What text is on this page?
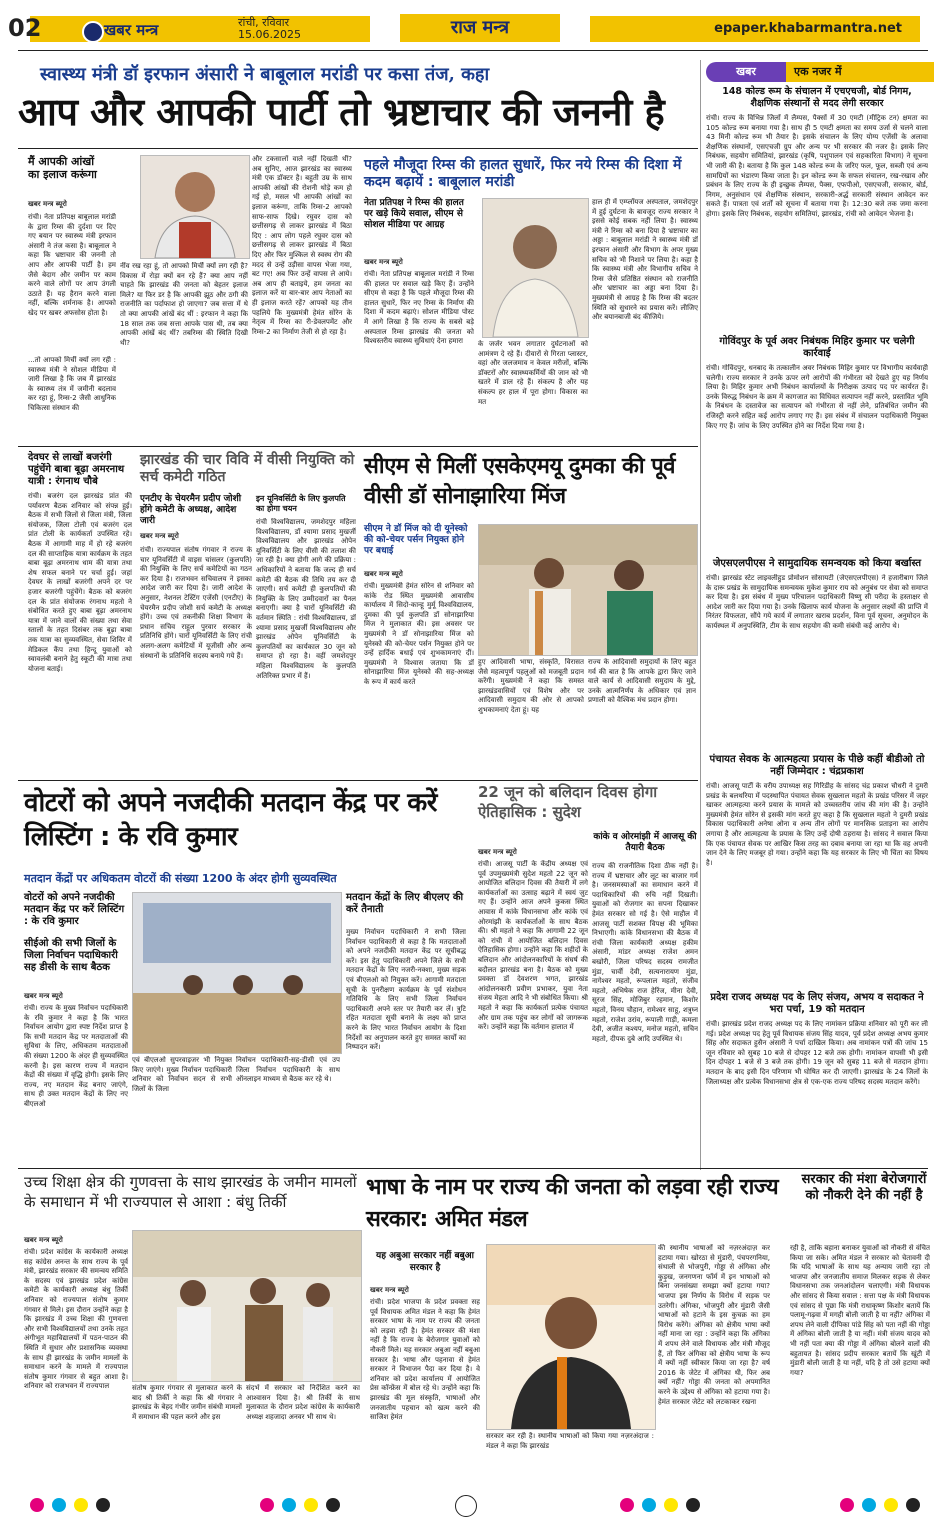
02	खबर मन्त्र	रांची, रविवार
15.06.2025	राज मन्त्र	epaper.khabarmantra.net
स्वास्थ्य मंत्री डॉ इरफान अंसारी ने बाबूलाल मरांडी पर कसा तंज, कहा
आप और आपकी पार्टी तो भ्रष्टाचार की जननी है
मैं आपकी आंखों का इलाज करूंगा
खबर मन्त्र ब्यूरो
रांची। नेता प्रतिपक्ष बाबूलाल मरांडी के द्वारा रिम्स की दुर्दशा पर दिए गए बयान पर स्वास्थ्य मंत्री इरफान अंसारी ने तंज कसा है। बाबूलाल ने कहा कि भ्रष्टाचार की जननी तो आप और आपकी पार्टी है। हम जैसे बेदाग और जमीन पर काम करने वाले लोगों पर आप उंगली उठाते हैं। यह हैरान करने वाला नहीं, बल्कि शर्मनाक है। आपको खेद पर खबर अफसोस होता है।
...तो आपको मिर्ची क्यों लग रही : स्वास्थ्य मंत्री ने सोशल मीडिया में जारी लिखा है कि जब मैं झारखंड के स्वास्थ्य तंत्र में जमीनी बदलाव कर रहा हूं, रिम्स-2 जैसी आधुनिक चिकित्सा संस्थान की
नींव रख रहा हूं, तो आपको मिर्ची क्यों लग रही है? विकास में रोड़ा क्यों बन रहे हैं? क्या आप नहीं चाहते कि झारखंड की जनता को बेहतर इलाज मिले? या फिर डर है कि आपकी झूठ और ठगी की राजनीति का पर्दाफाश हो जाएगा? जब सत्ता में थे तो क्या आपकी आंखें बंद थीं : इरफान ने कहा कि 18 साल तक जब सत्ता आपके पास थी, तब क्या आपकी आंखें बंद थीं? तबरिम्स की स्थिति दिखी थी?
और टकसालों वाले नहीं दिखती थीं? अब सुनिए, आज झारखंड का स्वास्थ्य मंत्री एक डॉक्टर है। बहुती उम्र के साथ आपकी आंखों की रोशनी थोड़े कम हो गई हो, मसल भी आपकी आंखों का इलाज करूंगा, ताकि रिम्स-2 आपको साफ-साफ दिखे। रघुवर दास को छत्तीसगढ़ से लाकर झारखंड में बिठा दिए : आप लोग पहले रघुवर दास को छत्तीसगढ़ से लाकर झारखंड में बिठा दिए और फिर मुश्किल से स्वस्थ रोग की मदद से उन्हें उड़ीसा वापस भेजा गया, बट गए! अब फिर उन्हें वापस ले आये। अब आप ही बताइये, हम जनता का इलाज करें या बार-बार आप नेताओं का ही इलाज करते रहें? आपको यह तीन पहलिये कि मुख्यमंत्री हेमंत सोरेन के नेतृत्व में रिम्स का री-डेवलपमेंट और रिम्स-2 का निर्माण तेजी से हो रहा है।
पहले मौजूदा रिम्स की हालत सुधारें, फिर नये रिम्स की दिशा में कदम बढ़ायें : बाबूलाल मरांडी
नेता प्रतिपक्ष ने रिम्स की हालत पर खड़े किये सवाल, सीएम से सोशल मीडिया पर आग्रह
खबर मन्त्र ब्यूरो
रांची। नेता प्रतिपक्ष बाबूलाल मरांडी ने रिम्स की हालत पर सवाल खड़े किए हैं। उन्होंने सीएम से कहा है कि पहले मौजूदा रिम्स की हालत सुधारें, फिर नए रिम्स के निर्माण की दिशा में कदम बढ़ाएं। सोशल मीडिया पोस्ट में आगे लिखा है कि राज्य के सबसे बड़े अस्पताल रिम्स झारखंड की जनता को विश्वस्तरीय स्वास्थ्य सुविधाएं देना हमारा	के जर्जर भवन लगातार दुर्घटनाओं को आमंत्रण दे रहे हैं। दीवारों से गिरता प्लास्टर, वहां और जलजमाव न केवल मरीजों, बल्कि डॉक्टरों और स्वास्थ्यकर्मियों की जान को भी खतरे में डाल रहे हैं। संकल्प है और यह संकल्प हर हाल में पूरा होगा। विकास का मत
हाल ही में एम्प्लॉयज अस्पताल, जमशेदपुर में हुई दुर्घटना के बावजूद राज्य सरकार ने इससे कोई सबक नहीं लिया है। स्वास्थ्य मंत्री ने रिम्स को बना दिया है भ्रष्टाचार का अड्डा : बाबूलाल मरांडी ने स्वास्थ्य मंत्री डॉ इरफान अंसारी और विभाग के अपर मुख्य सचिव को भी निशाने पर लिया है। कहा है कि स्वास्थ्य मंत्री और विभागीय सचिव ने रिम्स जैसे प्रतिष्ठित संस्थान को राजनीति और भ्रष्टाचार का अड्डा बना दिया है। मुख्यमंत्री से आग्रह है कि रिम्स की बदतर स्थिति को सुधारने का प्रयास करें। लीजिए और बयानबाजी बंद कीजिये।
खबर	एक नजर में
148 कोल्ड रूम के संचालन में एचएचजी, बोर्ड निगम, शैक्षणिक संस्थानों से मदद लेगी सरकार
रांची। राज्य के विभिन्न जिलों में लैम्पस, पैक्सों में 30 एमटी (मीट्रिक टन) क्षमता का 105 कोल्ड रूम बनाया गया है। साथ ही 5 एमटी क्षमता का समय उर्जा से चलने वाला 43 मिनी कोल्ड रूम भी तैयार है। इसके संचालन के लिए योग्य एजेंसी के अलावा शैक्षणिक संस्थानों, एसएचजी ग्रुप और अन्य पर भी सरकार की नजर है। इसके लिए निबंधक, सहयोग समितियां, झारखंड (कृषि, पशुपालन एवं सहकारिता विभाग) ने सूचना भी जारी की है। बताया है कि कुल 148 कोल्ड रूम के जरिए फल, फूल, सब्जी एवं अन्य सामग्रियों का भंडारण किया जाता है। इन कोल्ड रूम के सफल संचालन, रख-रखाव और प्रबंधन के लिए राज्य के ही इच्छुक लैम्पस, पैक्स, एफपीओ, एसएचजी, सरकार, बोर्ड, निगम, अनुसंधान एवं शैक्षणिक संस्थान, सरकारी-अर्द्ध सरकारी संस्थान आवेदन कर सकते हैं। पात्रता एवं शर्तों को सूचना में बताया गया है। 12:30 बजे तक जमा करना होगा। इसके लिए निबंधक, सहयोग समितियां, झारखंड, रांची को आवेदन भेजना है।
गोविंदपुर के पूर्व अवर निबंधक मिहिर कुमार पर चलेगी कार्रवाई
रांची। गोविंदपुर, धनबाद के तत्कालीन अवर निबंधक मिहिर कुमार पर विभागीय कार्यवाही चलेगी। राज्य सरकार ने उनके ऊपर लगे आरोपों की गंभीरता को देखते हुए यह निर्णय लिया है। मिहिर कुमार अभी निबंधन कार्यालयों के निरीक्षक उत्पाद पद पर कार्यरत हैं। उनके विरुद्ध निबंधन के क्रम में कागजात का विधिवत सत्यापन नहीं करने, प्रस्तावित भूमि के निबंधन के दस्तावेज का सत्यापन को गंभीरता से नहीं लेने, प्रतिबंधित जमीन की रजिस्ट्री करने सहित कई आरोप लगाए गए हैं। इस संबंध में संचालन पदाधिकारी नियुक्त किए गए हैं। जांच के लिए उपस्थित होने का निर्देश दिया गया है।
जेएसएलपीएस ने सामुदायिक समन्वयक को किया बर्खास्त
रांची। झारखंड स्टेट लाइवलीहुड प्रोमोशन सोसायटी (जेएसएलपीएस) ने हजारीबाग जिले के दारू प्रखंड के सामुदायिक समन्वयक मुकेश कुमार राय को अनुबंध पर सेवा को समाप्त कर दिया है। इस संबंध में मुख्य परिचालन पदाधिकारी विष्णु सी परीदा के हस्ताक्षर से आदेश जारी कर दिया गया है। उनके खिलाफ कार्य योजना के अनुसार लक्ष्यों की प्राप्ति में निरंतर विफलता, सौंपे गये कार्य में लगातार खराब प्रदर्शन, विना पूर्व सूचना, अनुमोदन के कार्यस्थल में अनुपस्थिति, टीम के साथ सहयोग की कमी संबंधी कई आरोप थे।
पंचायत सेवक के आत्महत्या प्रयास के पीछे कहीं बीडीओ तो नहीं जिम्मेदार : चंद्रप्रकाश
रांची। आजसू पार्टी के वरीय उपाध्यक्ष सह गिरिडीह के सांसद चंद्र प्रकाश चौधरी ने दुमरी प्रखंड के बलथरिया में पदस्थापित पंचायत सेवक सुखलाल महतो के प्रखंड परिसर में जहर खाकर आत्महत्या करने प्रयास के मामले को उच्चस्तरीय जांच की मांग की है। उन्होंने मुख्यमंत्री हेमंत सोरेन से इसकी मांग करते हुए कहा है कि सुखलाल महतो ने दुमरी प्रखंड विकास पदाधिकारी अनेषा ओना व अन्य तीन लोगों पर मानसिक प्रताड़ना का आरोप लगाया है और आत्महत्या के प्रयास के लिए उन्हें दोषी ठहराया है। सांसद ने सवाल किया कि एक पंचायत सेवक पर आखिर किस तरह का दबाव बनाया जा रहा था कि वह अपनी जान देने के लिए मजबूर हो गया। उन्होंने कहा कि यह सरकार के लिए भी चिंता का विषय है।
प्रदेश राजद अध्यक्ष पद के लिए संजय, अभय व सदाकत ने भरा पर्चा, 19 को मतदान
रांची। झारखंड प्रदेश राजद अध्यक्ष पद के लिए नामांकन प्रक्रिया शनिवार को पूरी कर ली गई। प्रदेश अध्यक्ष पद हेतु पूर्व विधायक संजय सिंह यादव, पूर्व प्रदेश अध्यक्ष अभय कुमार सिंह और सदाकत हुसैन अंसारी ने पर्चा दाखिल किया। अब नामांकन पत्रों की जांच 15 जून रविवार को सुबह 10 बजे से दोपहर 12 बजे तक होगी। नामांकन वापसी भी इसी दिन दोपहर 1 बजे से 3 बजे तक होगी। 19 जून को सुबह 11 बजे से मतदान होगा। मतदान के बाद इसी दिन परिणाम भी घोषित कर दी जाएगी। झारखंड के 24 जिलों के जिलाध्यक्ष और प्रत्येक विधानसभा क्षेत्र से एक-एक राज्य परिषद सदस्य मतदान करेंगे।
देवघर से लाखों बजरंगी पहुंचेंगे बाबा बूढ़ा अमरनाथ यात्री : रंगनाथ चौबे
रांची। बजरंग दल झारखंड प्रांत की पर्यावरण बैठक शनिवार को संपन्न हुई। बैठक में सभी जिलों से जिला मंत्री, जिला संयोजक, जिला टोली एवं बजरंग दल प्रांत टोली के कार्यकर्ता उपस्थित रहे। बैठक में आगामी माह में हो रहे बजरंग दल की साप्ताहिक यात्रा कार्यक्रम के तहत बाबा बूढ़ा अमरनाथ धाम की यात्रा तथा शेष सफल बनाने पर चर्चा हुई। जहां देवघर के लाखों बजरंगी अपने दर पर हजार बजरंगी पहुंचेंगे। बैठक को बजरंग दल के प्रांत संयोजक रंगनाथ महतो ने संबोधित करते हुए बाबा बूढ़ा अमरनाथ यात्रा में जाने वालों की संख्या तथा सेवा स्तालों के तहत दिसंबर तक बूढ़ा बाबा तक यात्रा का सुव्यवस्थित, सेवा शिविर में मेडिकल कैंप तथा हिन्दू युवाओं को स्वावलंबी बनाने हेतु स्कूटी की मात्रा तथा योजना बताई।
झारखंड की चार विवि में वीसी नियुक्ति को सर्च कमेटी गठित
एनटीए के चेयरमैन प्रदीप जोशी होंगे कमेटी के अध्यक्ष, आदेश जारी
इन यूनिवर्सिटी के लिए कुलपति का होगा चयन
खबर मन्त्र ब्यूरो
रांची। राज्यपाल संतोष गंगवार ने राज्य के चार यूनिवर्सिटी में वाइस चांसलर (कुलपति) की नियुक्ति के लिए सर्च कमेटियों का गठन कर दिया है। राजभवन सचिवालय ने इसका आदेश जारी कर दिया है। जारी आदेश के अनुसार, नेशनल टेस्टिंग एजेंसी (एनटीए) के चेयरमैन प्रदीप जोशी सर्च कमेटी के अध्यक्ष होंगे। उच्च एवं तकनीकी शिक्षा विभाग के प्रधान सचिव राहुल पुरवार सरकार के प्रतिनिधि होंगे। चारों यूनिवर्सिटी के लिए रांची अलग-अलग कमेटियों में यूजीसी और अन्य संस्थानों के प्रतिनिधि सदस्य बनाये गये हैं।
रांची विश्वविद्यालय, जमशेदपुर महिला विश्वविद्यालय, डॉ श्यामा प्रसाद मुखर्जी विश्वविद्यालय और झारखंड ओपेन यूनिवर्सिटी के लिए वीसी की तलाश की जा रही है। क्या होगी आगे की प्रक्रिया : अधिकारियों ने बताया कि जल्द ही सर्च कमेटी की बैठक की तिथि तय कर दी जाएगी। सर्च कमेटी ही कुलपतियों की नियुक्ति के लिए उम्मीदवारों का पैनल बनाएगी। क्या है चारों यूनिवर्सिटी की वर्तमान स्थिति : रांची विश्वविद्यालय, डॉ श्यामा प्रसाद मुखर्जी विश्वविद्यालय और झारखंड ओपेन यूनिवर्सिटी के कुलपतियों का कार्यकाल 30 जून को समाप्त हो रहा है। वहीं जमशेदपुर महिला विश्वविद्यालय के कुलपति अतिरिक्त प्रभार में हैं।
सीएम से मिलीं एसकेएमयू दुमका की पूर्व वीसी डॉ सोनाझारिया मिंज
सीएम ने डॉ मिंज को दी यूनेस्को की को-चेयर पर्सन नियुक्त होने पर बधाई
खबर मन्त्र ब्यूरो
रांची। मुख्यमंत्री हेमंत सोरेन से शनिवार को कांके रोड स्थित मुख्यमंत्री आवासीय कार्यालय में सिदो-कान्हू मुर्मू विश्वविद्यालय, दुमका की पूर्व कुलपति डॉ सोनाझारिया मिंज ने मुलाकात की। इस अवसर पर मुख्यमंत्री ने डॉ सोनाझारिया मिंज को यूनेस्को की को-चेयर पर्सन नियुक्त होने पर उन्हें हार्दिक बधाई एवं शुभकामनाएं दीं। मुख्यमंत्री ने विश्वास जताया कि डॉ सोनाझारिया मिंज यूनेस्को की सह-अध्यक्ष के रूप में कार्य करते
हुए आदिवासी भाषा, संस्कृति, विरासत जैसे महत्वपूर्ण पहलुओं को मजबूती प्रदान करेंगी। मुख्यमंत्री ने कहा कि समस्त झारखंडवासियों एवं विशेष और पर आदिवासी समुदाय की ओर से आपको शुभकामनाएं देता हूं। यह
राज्य के आदिवासी समुदायों के लिए बहुत गर्व की बात है कि आपके द्वारा किए जाने वाले कार्य से आदिवासी समुदाय के मुद्दे, उनके आत्मनिर्णय के अधिकार एवं ज्ञान प्रणाली को वैश्विक मंच प्रदान होगा।
वोटरों को अपने नजदीकी मतदान केंद्र पर करें लिस्टिंग : के रवि कुमार
मतदान केंद्रों पर अधिकतम वोटरों की संख्या 1200 के अंदर होगी सुव्यवस्थित
वोटरों को अपने नजदीकी मतदान केंद्र पर करें लिस्टिंग : के रवि कुमार
सीईओ की सभी जिलों के जिला निर्वाचन पदाधिकारी सह डीसी के साथ बैठक
खबर मन्त्र ब्यूरो
रांची। राज्य के मुख्य निर्वाचन पदाधिकारी के रवि कुमार ने कहा है कि भारत निर्वाचन आयोग द्वारा स्पष्ट निर्देश प्राप्त है कि सभी मतदान केंद्र पर मतदाताओं की सुविधा के लिए, अधिकतम मतदाताओं की संख्या 1200 के अंदर ही सुव्यवस्थित करनी है। इस कारण राज्य में मतदान केंद्रों की संख्या में वृद्धि होगी। इसके लिए राज्य, नए मतदान केंद्र बनाए जाएंगे, साथ ही उक्त मतदान केंद्रों के लिए नए बीएलओ
एवं बीएलओ सुपरवाइजर भी नियुक्त किए जाएंगे। मुख्य निर्वाचन पदाधिकारी शनिवार को निर्वाचन सदन से सभी जिलों के जिला
निर्वाचन पदाधिकारी-सह-डीसी एवं उप जिला निर्वाचन पदाधिकारी के साथ ऑनलाइन माध्यम से बैठक कर रहे थे।
मतदान केंद्रों के लिए बीएलए की करें तैनाती
मुख्य निर्वाचन पदाधिकारी ने सभी जिला निर्वाचन पदाधिकारी से कहा है कि मतदाताओं को अपने नजदीकी मतदान केंद्र पर सूचीबद्ध करें। इस हेतु पदाधिकारी अपने जिले के सभी मतदान केंद्रों के लिए नजरी-नक्शा, मुख्य सड़क एवं बीएलओ को नियुक्त करें। आगामी मतदाता सूची के पुनरीक्षण कार्यक्रम के पूर्व संशोधन गतिविधि के लिए सभी जिला निर्वाचन पदाधिकारी अपने स्तर पर तैयारी कर लें। त्रुटि रहित मतदाता सूची बनाने के लक्ष्य को प्राप्त करने के लिए भारत निर्वाचन आयोग के दिशा निर्देशों का अनुपालन करते हुए समस्त कार्यों का निष्पादन करें।
22 जून को बलिदान दिवस होगा ऐतिहासिक : सुदेश
कांके व ओरमांझी में आजसू की तैयारी बैठक
खबर मन्त्र ब्यूरो
रांची। आजसू पार्टी के केंद्रीय अध्यक्ष एवं पूर्व उपमुख्यमंत्री सुदेश महतो 22 जून को आयोजित बलिदान दिवस की तैयारी में लगे कार्यकर्ताओं का उत्साह बढ़ाने में स्वयं जुट गए हैं। उन्होंने आज अपने कुकस स्थित आवास में कांके विधानसभा और कांके एवं ओरमांझी के कार्यकर्ताओं के साथ बैठक की। श्री महतो ने कहा कि आगामी 22 जून को रांची में आयोजित बलिदान दिवस ऐतिहासिक होगा। उन्होंने कहा कि शहीदों के बलिदान और आंदोलनकारियों के संघर्ष की बदौलत झारखंड बना है। बैठक को मुख्य प्रवक्ता डॉ देवशरण भगत, झारखंड आंदोलनकारी प्रवीण प्रभाकर, युवा नेता संजय मेहता आदि ने भी संबोधित किया। श्री महतो ने कहा कि कार्यकर्ता प्रत्येक पंचायत और ग्राम तक पहुंच कर लोगों को जागरूक करें। उन्होंने कहा कि वर्तमान हालात में
राज्य की राजनीतिक दिशा ठीक नहीं है। राज्य में भ्रष्टाचार और लूट का बाजार गर्म है। जनसमस्याओं का समाधान करने में पदाधिकारियों की रुचि नहीं दिखती। युवाओं को रोजगार का सपना दिखाकर हेमंत सरकार सो गई है। ऐसे माहौल में आजसू पार्टी सशक्त विपक्ष की भूमिका निभाएगी। कांके विधानसभा की बैठक में रांची जिला कार्यकारी अध्यक्ष हकीम अंसारी, मांडर अध्यक्ष राजेश अमन बखोरी, जिला परिषद सदस्य रामजीत मुंडा, चार्वी देवी, सत्यनारायण मुंडा, नागेश्वर महतो, रूपलाल महतो, संजीव महतो, अभिषेक राज हेरिंज, मीना देवी, सूरज सिंह, मोजिबुर रहमान, किशोर महतो, विनय चौहान, रामेश्वर साहू, शत्रुघ्न महतो, राजेश उरांव, रूपाली गाड़ी, कमला देवी, अजीत कश्यप, मनोज महतो, सचिन महतो, दीपक दुबे आदि उपस्थित थे।
उच्च शिक्षा क्षेत्र की गुणवत्ता के साथ झारखंड के जमीन मामलों के समाधान में भी राज्यपाल से आशा : बंधु तिर्की
खबर मन्त्र ब्यूरो
रांची। प्रदेश कांग्रेस के कार्यकारी अध्यक्ष सह कांग्रेस अनन्त के साथ राज्य के पूर्व मंत्री, झारखंड सरकार की समन्वय समिति के सदस्य एवं झारखंड प्रदेश कांग्रेस कमेटी के कार्यकारी अध्यक्ष बंधु तिर्की शनिवार को राज्यपाल संतोष कुमार गंगवार से मिले। इस दौरान उन्होंने कहा है कि झारखंड में उच्च शिक्षा की गुणवत्ता और सभी विश्वविद्यालयों तथा उनके तहत अंगीभूत महाविद्यालयों में पठन-पाठन की स्थिति में सुधार और प्रशासनिक व्यवस्था के साथ ही झारखंड के जमीन मामलों के समाधान करने के मामले में राज्यपाल संतोष कुमार गंगवार से बहुत आशा है। शनिवार को राजभवन में राज्यपाल	संतोष कुमार गंगवार से मुलाकात करने के बाद श्री तिर्की ने कहा कि श्री गंगवार ने झारखंड के बेहद गंभीर जमीन संबंधी मामलों में समाधान की पहल करने और इस
संदर्भ में सरकार को निर्देशित करने का आश्वासन दिया है। श्री तिर्की के साथ मुलाकात के दौरान प्रदेश कांग्रेस के कार्यकारी अध्यक्ष शहजादा अनवर भी साथ थे।
भाषा के नाम पर राज्य की जनता को लड़वा रही राज्य सरकार: अमित मंडल
यह अबुआ सरकार नहीं बबुआ सरकार है
खबर मन्त्र ब्यूरो
रांची। प्रदेश भाजपा के प्रदेश प्रवक्ता सह पूर्व विधायक अमित मंडल ने कहा कि हेमंत सरकार भाषा के नाम पर राज्य की जनता को लड़वा रही है। हेमंत सरकार की मंशा नहीं है कि राज्य के बेरोजगार युवाओं को नौकरी मिले। यह सरकार अबुआ नहीं बबुआ सरकार है। भाषा और पहनावा से हेमंत सरकार ने विभाजन पैदा कर दिया है। वे शनिवार को प्रदेश कार्यालय में आयोजित प्रेस कॉन्फ्रेंस में बोल रहे थे। उन्होंने कहा कि झारखंड की मूल संस्कृति, भाषाओं और जनजातीय पहचान को खत्म करने की साजिश हेमंत
सरकार कर रही है। स्थानीय भाषाओं को किया गया नज़रअंदाज : मंडल ने कहा कि झारखंड
की स्थानीय भाषाओं को नज़रअंदाज़ कर हटाया गया। खोरठा से मुंडारी, पंचपरगनिया, संथाली से भोजपुरी, गोड्डा से अंगिका और कुड़ुख, जनगणना फॉर्म में इन भाषाओं को बिना जनसंख्या समझा क्यों हटाया गया? भाजपा इस निर्णय के विरोध में सड़क पर उतरेगी। अंगिका, भोजपुरी और मुंडारी जैसी भाषाओं को हटाने के इस कुचक्र का हम विरोध करेंगे। अंगिका को क्षेत्रीय भाषा क्यों नहीं माना जा रहा : उन्होंने कहा कि अंगिका में शपथ लेने वाले विधायक और मंत्री मौजूद हैं, तो फिर अंगिका को क्षेत्रीय भाषा के रूप में क्यों नहीं स्वीकार किया जा रहा है? वर्ष 2016 के जेटेट में अंगिका थी, फिर अब क्यों नहीं? गोड्डा की जनता को अपमानित करने के उद्देश्य से अंगिका को हटाया गया है। हेमंत सरकार जेटेट को लटकाकर रखना
रही है, ताकि बहाना बनाकर युवाओं को नौकरी से वंचित किया जा सके। अमित मंडल ने सरकार को चेतावनी दी कि यदि भाषाओं के साथ यह अन्याय जारी रहा तो भाजपा और जनजातीय समाज मिलकर सड़क से लेकर विधानसभा तक जनआंदोलन चलाएगी। मंत्री विधायक और सांसद से किया सवाल : सत्ता पक्ष के मंत्री विधायक एवं सांसद से पूछा कि मंत्री राधाकृष्ण किशोर बतायें कि पलामू-गढ़वा में मगही बोली जाती है या नहीं? अंगिका में शपथ लेने वाली दीपिका पांडे सिंह को पता नहीं की गोड्डा में अंगिका बोली जाती है या नहीं। मंत्री संजय यादव को भी नहीं पता क्या की गोड्डा में अंगिका बोलने वालों की बहुतायत है। सांसद प्रदीप सरकार बतायें कि खूंटी में मुंडारी बोली जाती है या नहीं, यदि है तो उसे हटाया क्यों गया?
सरकार की मंशा बेरोजगारों को नौकरी देने की नहीं है
